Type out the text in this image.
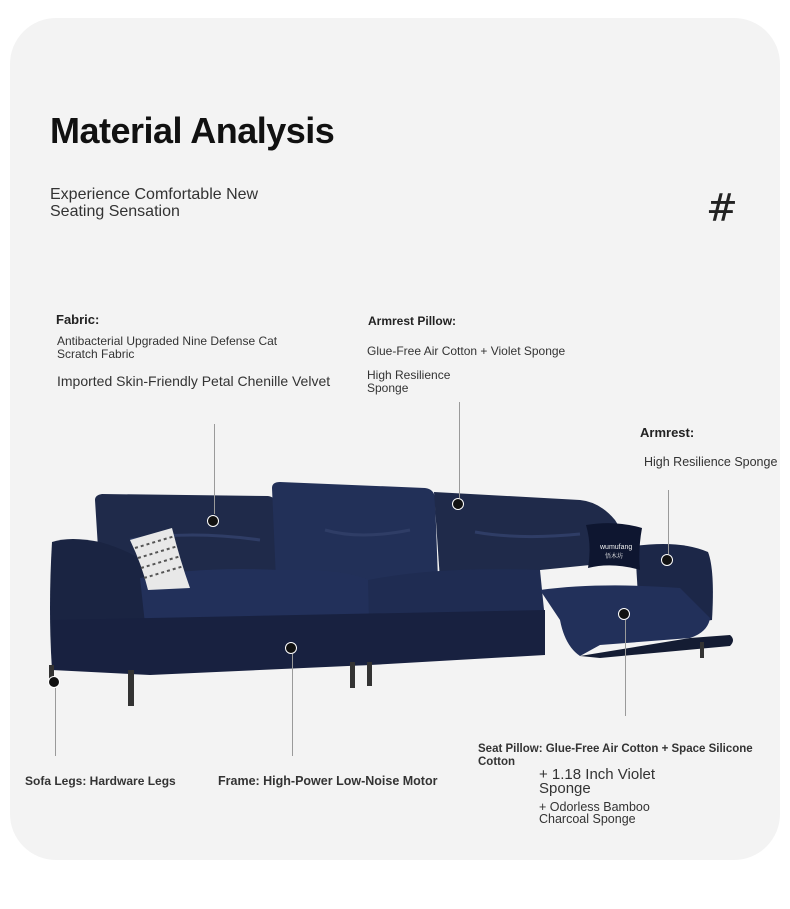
Material Analysis
Experience Comfortable New Seating Sensation	#
Fabric:
Antibacterial Upgraded Nine Defense Cat Scratch Fabric
Imported Skin-Friendly Petal Chenille Velvet
Armrest Pillow:
Glue-Free Air Cotton + Violet Sponge
High Resilience Sponge
Armrest:
High Resilience Sponge
Seat Pillow: Glue-Free Air Cotton + Space Silicone Cotton
+ 1.18 Inch Violet Sponge
+ Odorless Bamboo Charcoal Sponge
Sofa Legs: Hardware Legs	Frame: High-Power Low-Noise Motor
wumufang
悟木坊
